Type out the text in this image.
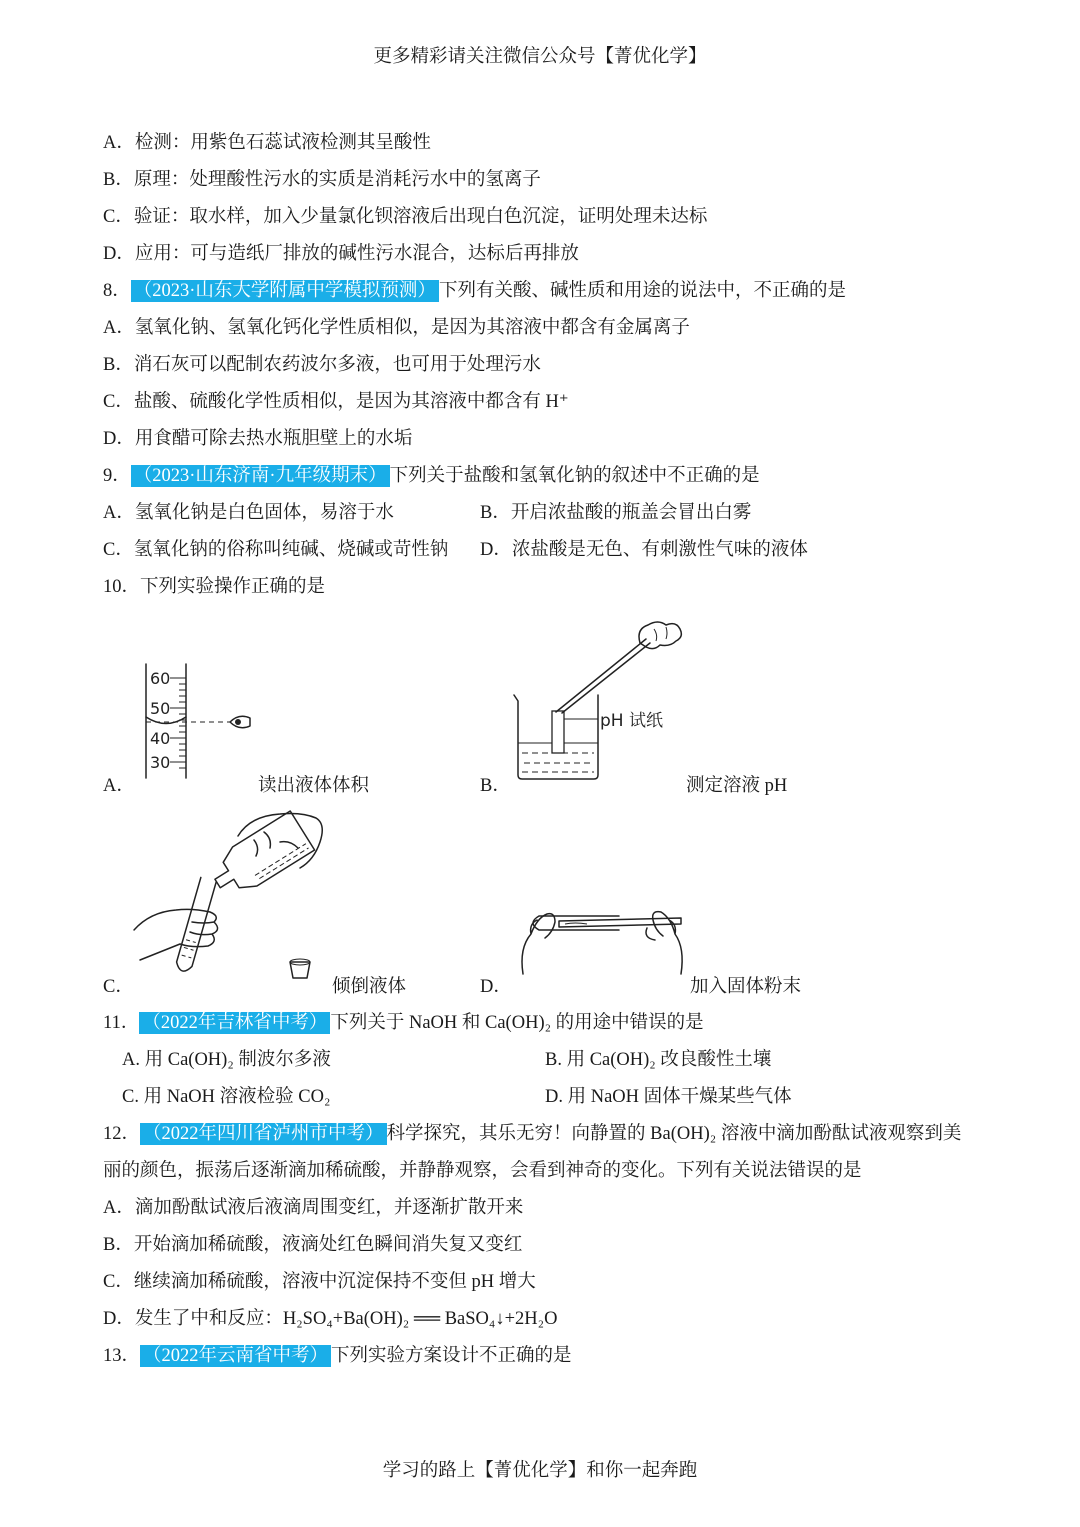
更多精彩请关注微信公众号【菁优化学】
A．检测：用紫色石蕊试液检测其呈酸性
B．原理：处理酸性污水的实质是消耗污水中的氢离子
C．验证：取水样，加入少量氯化钡溶液后出现白色沉淀，证明处理未达标
D．应用：可与造纸厂排放的碱性污水混合，达标后再排放
8． （2023·山东大学附属中学模拟预测） 下列有关酸、碱性质和用途的说法中，不正确的是
A．氢氧化钠、氢氧化钙化学性质相似，是因为其溶液中都含有金属离子
B．消石灰可以配制农药波尔多液，也可用于处理污水
C．盐酸、硫酸化学性质相似，是因为其溶液中都含有 H⁺
D．用食醋可除去热水瓶胆壁上的水垢
9． （2023·山东济南·九年级期末） 下列关于盐酸和氢氧化钠的叙述中不正确的是
A．氢氧化钠是白色固体，易溶于水	B．开启浓盐酸的瓶盖会冒出白雾
C．氢氧化钠的俗称叫纯碱、烧碱或苛性钠 D．浓盐酸是无色、有刺激性气味的液体
10．下列实验操作正确的是
60
50
40
30
A．	读出液体体积
pH 试纸
B．	测定溶液 pH
C．	倾倒液体	D．	加入固体粉末
11． （2022年吉林省中考） 下列关于 NaOH 和 Ca(OH)₂ 的用途中错误的是
A. 用 Ca(OH)₂ 制波尔多液	B. 用 Ca(OH)₂ 改良酸性土壤
C. 用 NaOH 溶液检验 CO₂	D. 用 NaOH 固体干燥某些气体
12． （2022年四川省泸州市中考） 科学探究，其乐无穷！向静置的 Ba(OH)₂ 溶液中滴加酚酞试液观察到美
丽的颜色，振荡后逐渐滴加稀硫酸，并静静观察，会看到神奇的变化。下列有关说法错误的是
A．滴加酚酞试液后液滴周围变红，并逐渐扩散开来
B．开始滴加稀硫酸，液滴处红色瞬间消失复又变红
C．继续滴加稀硫酸，溶液中沉淀保持不变但 pH 增大
D．发生了中和反应：H₂SO₄+Ba(OH)₂ ══ BaSO₄↓+2H₂O
13． （2022年云南省中考） 下列实验方案设计不正确的是
学习的路上【菁优化学】和你一起奔跑
